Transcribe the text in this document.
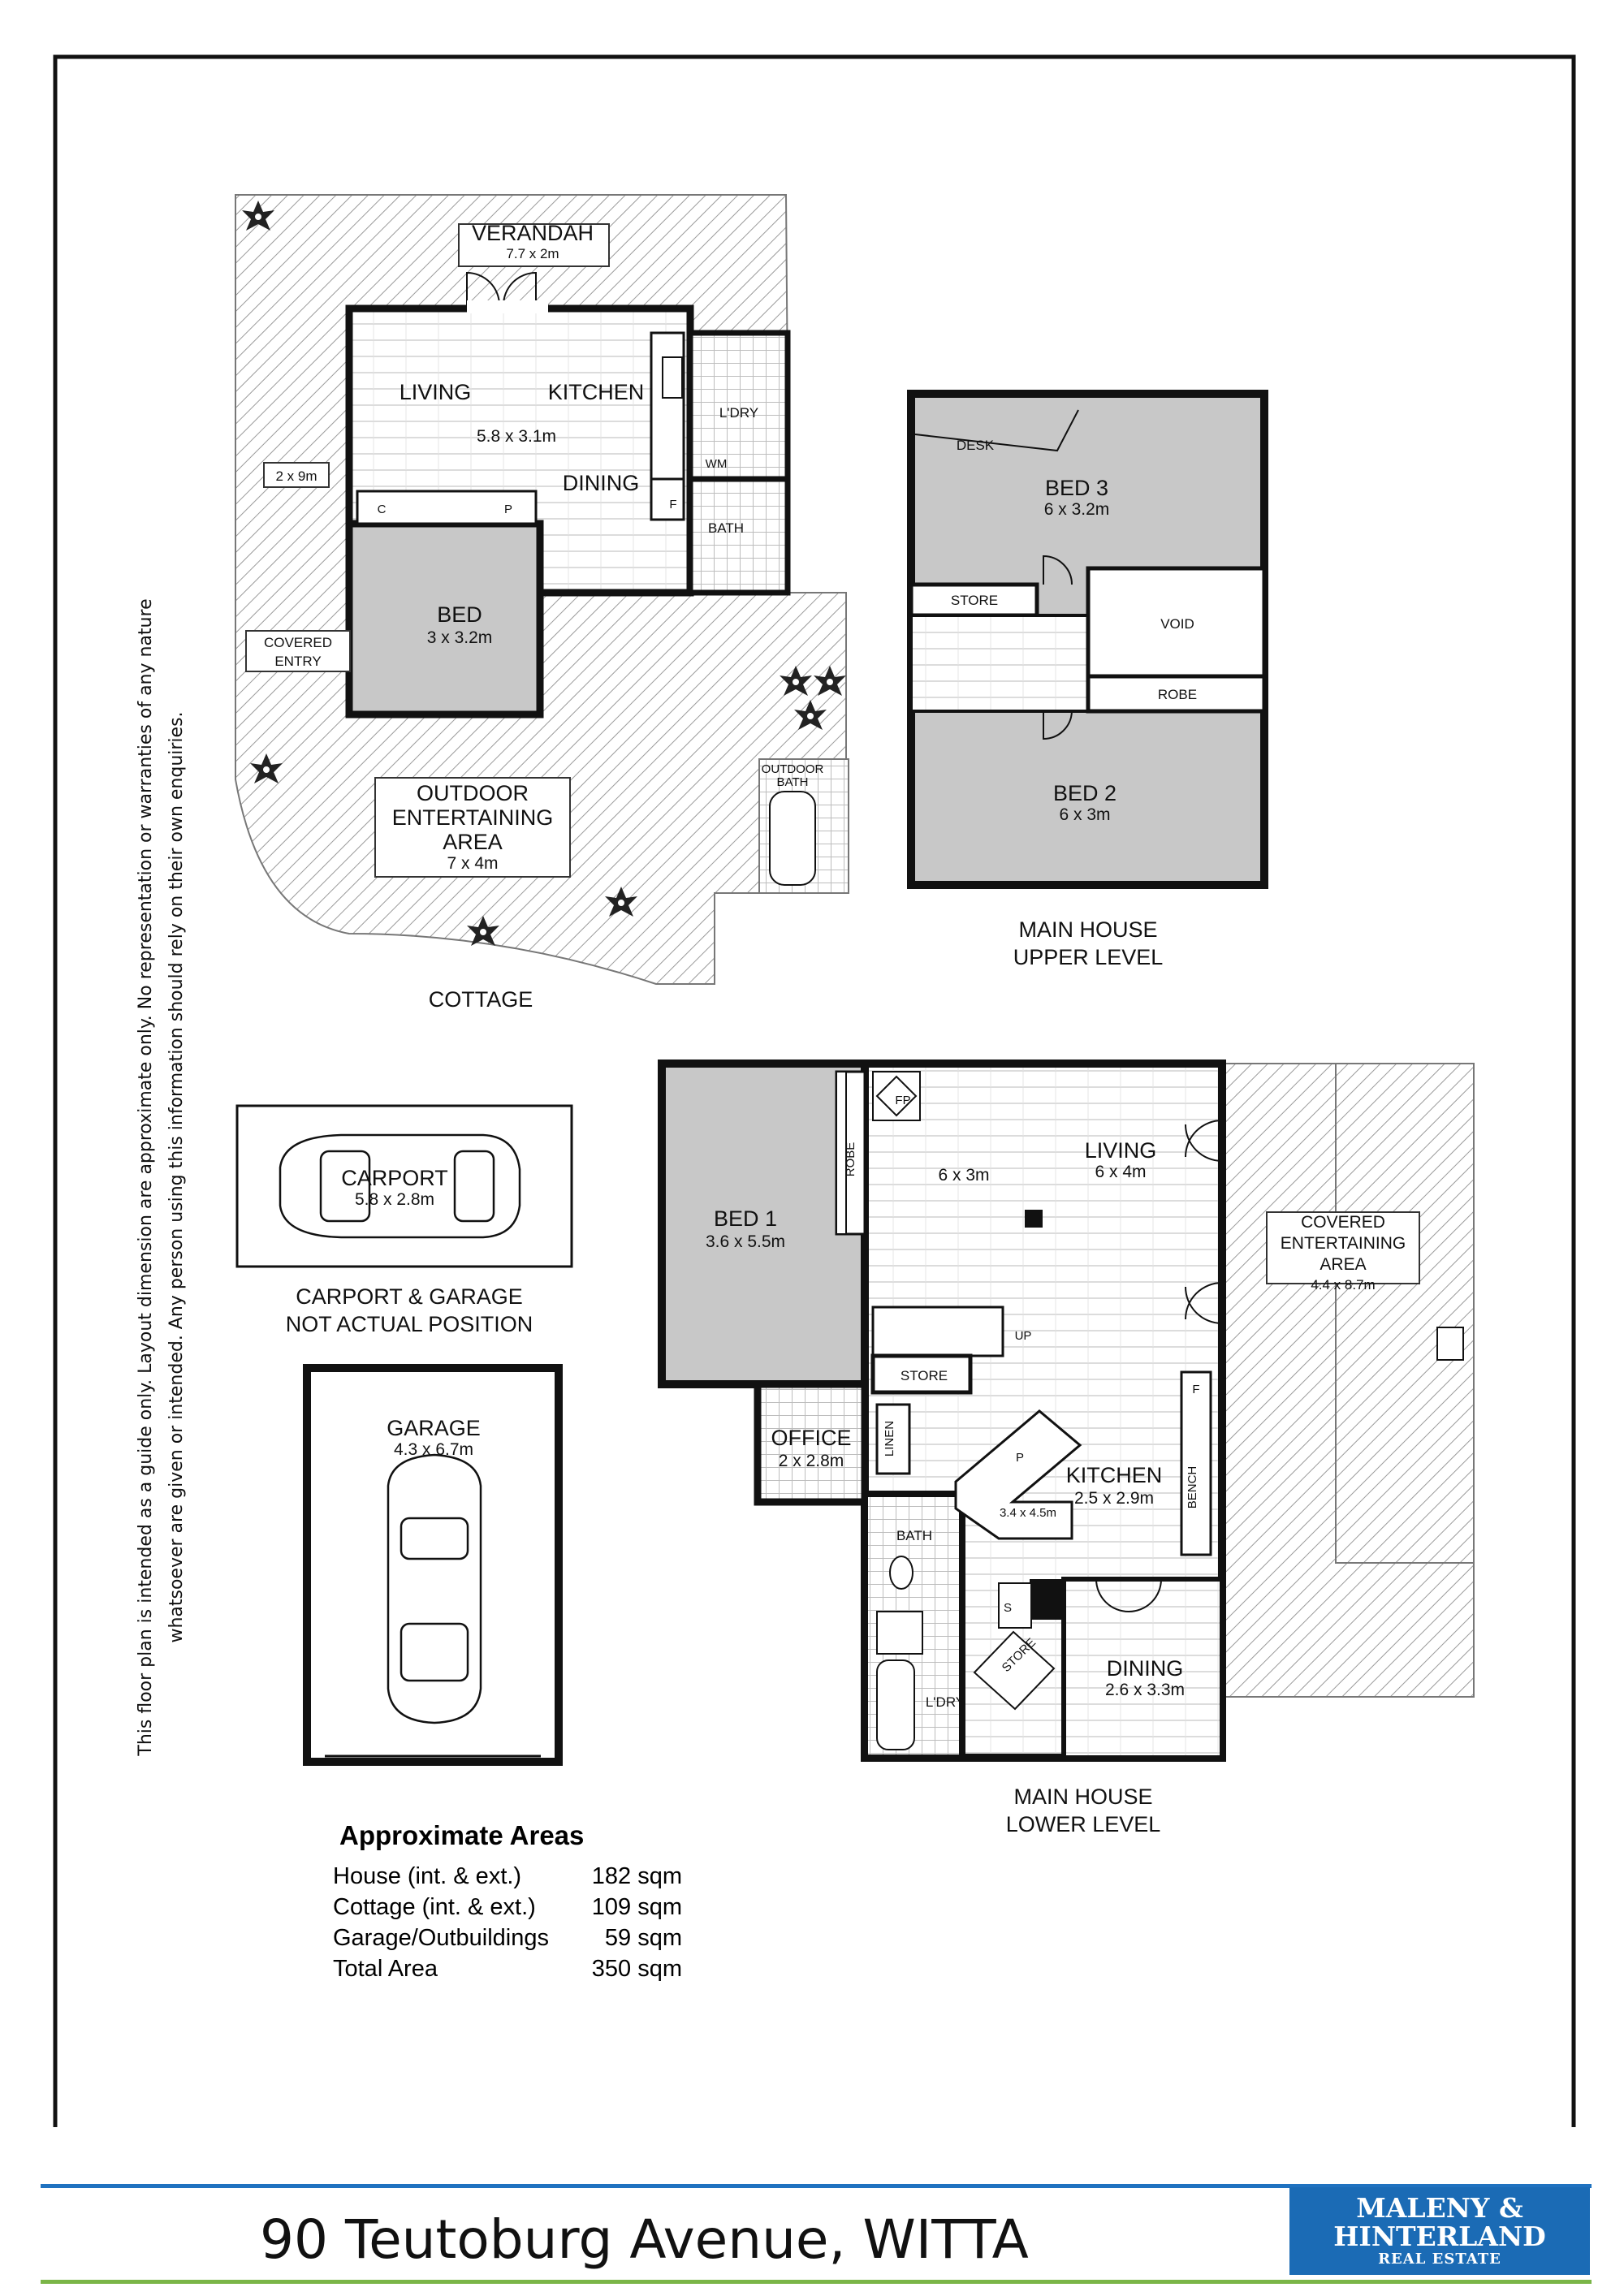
VERANDAH
7.7 x 2m
LIVING	KITCHEN
5.8 x 3.1m
DINING
L'DRY
WM
BATH
F
C	P
2 x 9m
BED
3 x 3.2m
COVERED
ENTRY
OUTDOOR
BATH
OUTDOOR
ENTERTAINING
AREA
7 x 4m
COTTAGE
DESK
BED 3
6 x 3.2m
STORE
VOID
ROBE
BED 2
6 x 3m
MAIN HOUSE
UPPER LEVEL
CARPORT
5.8 x 2.8m
CARPORT & GARAGE
NOT ACTUAL POSITION
GARAGE
4.3 x 6.7m
BED 1
3.6 x 5.5m
ROBE
FP
LIVING
6 x 4m
6 x 3m
UP
STORE
LINEN
OFFICE
2 x 2.8m
KITCHEN
2.5 x 2.9m
3.4 x 4.5m
P
F
BENCH
BATH
S
STORE
L'DRY
DINING
2.6 x 3.3m
COVERED
ENTERTAINING
AREA
4.4 x 8.7m
MAIN HOUSE
LOWER LEVEL
Approximate Areas
House (int. & ext.)	182 sqm
Cottage (int. & ext.) 109 sqm
Garage/Outbuildings 59 sqm
Total Area	350 sqm
This floor plan is intended as a guide only. Layout dimension are approximate only. No representation or warranties of any nature whatsoever are given or intended. Any person using this information should rely on their own enquiries.
90 Teutoburg Avenue, WITTA
MALENY &
HINTERLAND
REAL ESTATE
